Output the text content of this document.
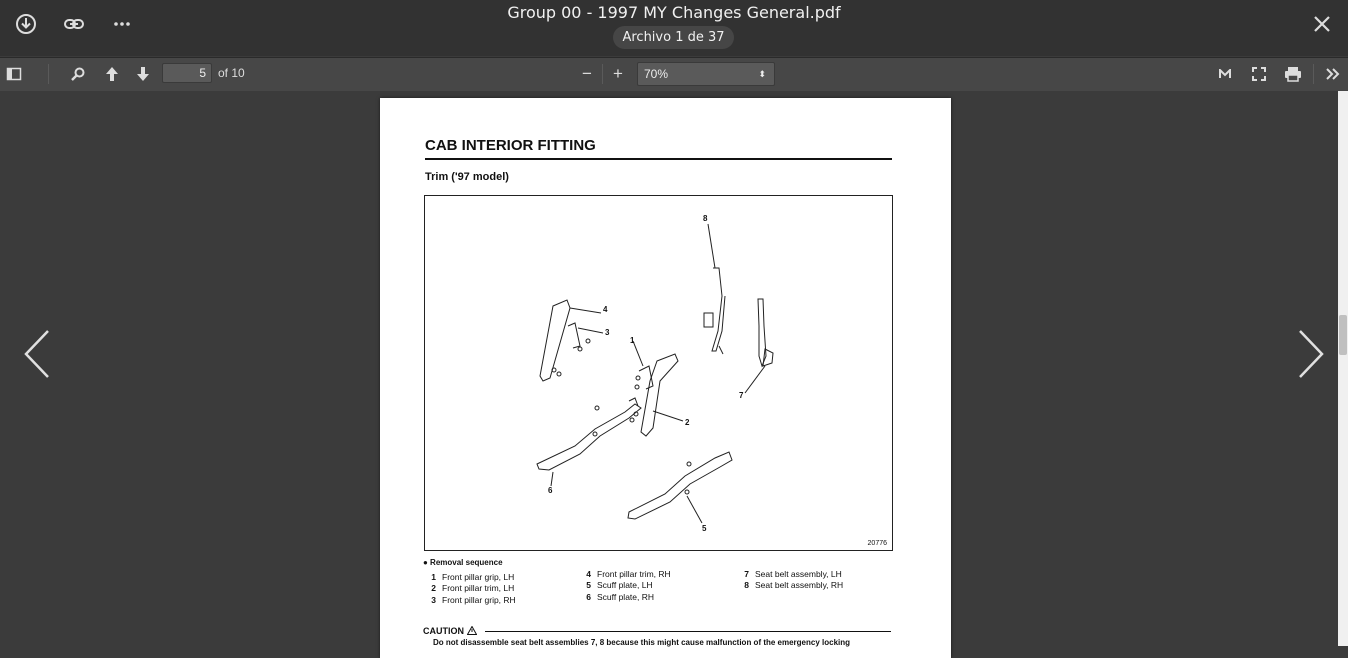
Group 00 - 1997 MY Changes General.pdf
Archivo 1 de 37
5
of 10	− +	70%	⬍
CAB INTERIOR FITTING
Trim ('97 model)
8
4
3
1
7
2
6
5
20776
● Removal sequence
1 Front pillar grip, LH
2 Front pillar trim, LH
3 Front pillar grip, RH
4 Front pillar trim, RH
5 Scuff plate, LH
6 Scuff plate, RH
7 Seat belt assembly, LH
8 Seat belt assembly, RH
CAUTION
Do not disassemble seat belt assemblies 7, 8 because this might cause malfunction of the emergency locking
